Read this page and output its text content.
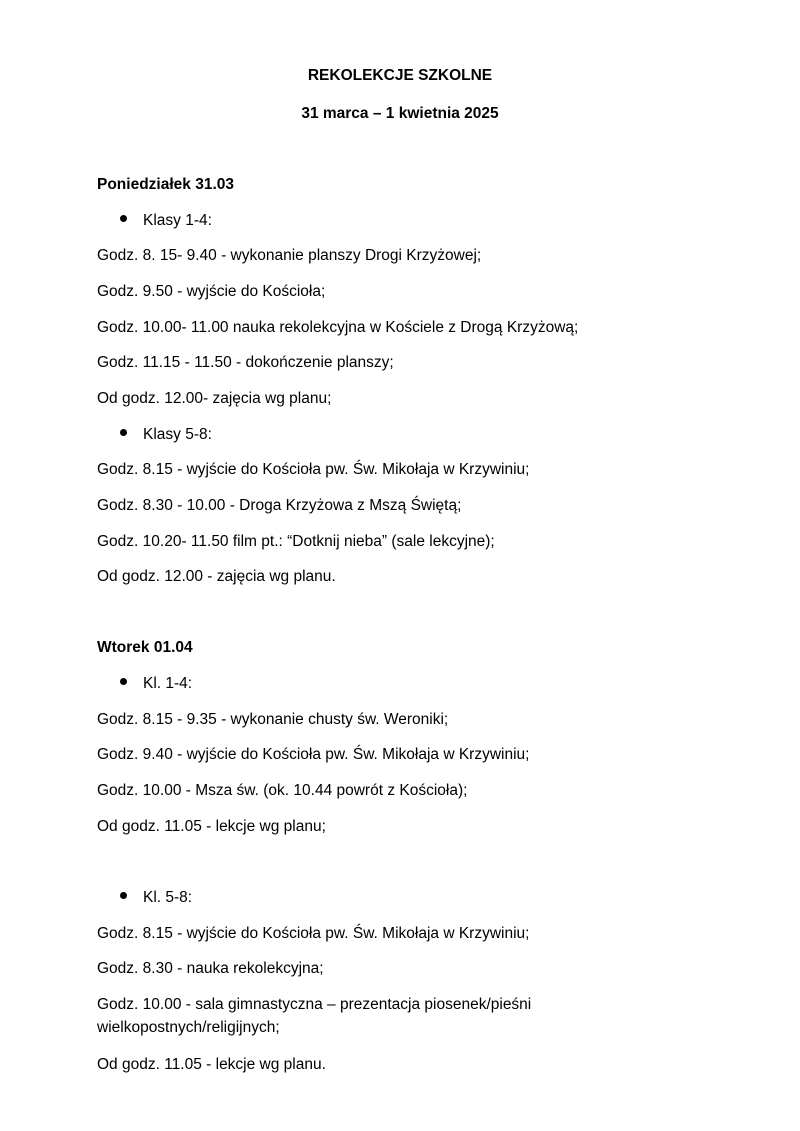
REKOLEKCJE SZKOLNE
31 marca – 1 kwietnia 2025
Poniedziałek 31.03
Klasy 1-4:
Godz. 8. 15- 9.40 - wykonanie planszy Drogi Krzyżowej;
Godz. 9.50 - wyjście do Kościoła;
Godz. 10.00- 11.00 nauka rekolekcyjna w Kościele z Drogą Krzyżową;
Godz. 11.15 - 11.50 - dokończenie planszy;
Od godz. 12.00- zajęcia wg planu;
Klasy 5-8:
Godz. 8.15 - wyjście do Kościoła pw. Św. Mikołaja w Krzywiniu;
Godz. 8.30 - 10.00 - Droga Krzyżowa z Mszą Świętą;
Godz. 10.20- 11.50 film pt.: “Dotknij nieba” (sale lekcyjne);
Od godz. 12.00 - zajęcia wg planu.
Wtorek 01.04
Kl. 1-4:
Godz. 8.15 - 9.35 - wykonanie chusty św. Weroniki;
Godz. 9.40 - wyjście do Kościoła pw. Św. Mikołaja w Krzywiniu;
Godz. 10.00 - Msza św. (ok. 10.44 powrót z Kościoła);
Od godz. 11.05 - lekcje wg planu;
Kl. 5-8:
Godz. 8.15 - wyjście do Kościoła pw. Św. Mikołaja w Krzywiniu;
Godz. 8.30 - nauka rekolekcyjna;
Godz. 10.00 - sala gimnastyczna – prezentacja piosenek/pieśni wielkopostnych/religijnych;
Od godz. 11.05 - lekcje wg planu.
